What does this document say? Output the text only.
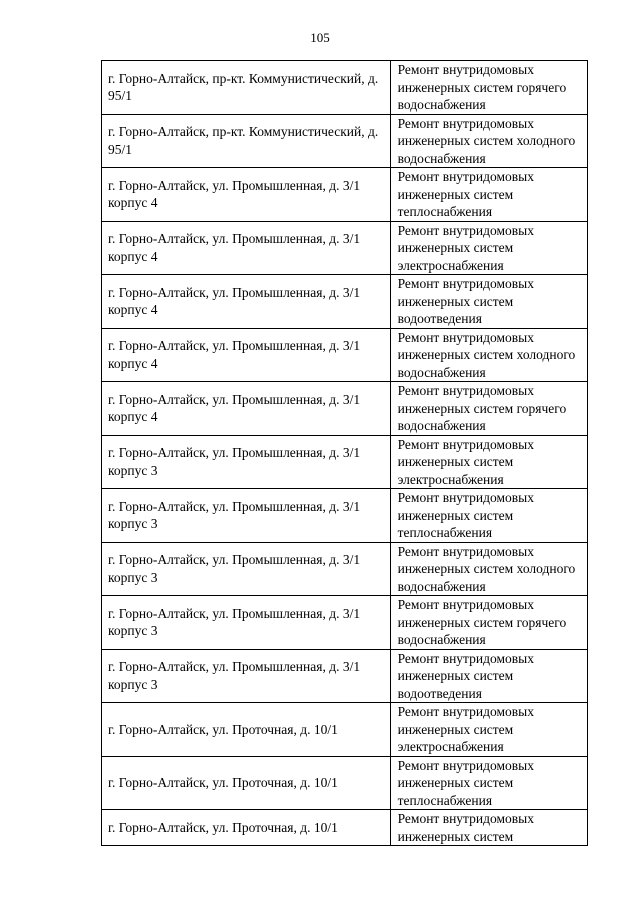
105
г. Горно-Алтайск, пр-кт. Коммунистический, д. 95/1	Ремонт внутридомовых инженерных систем горячего водоснабжения
г. Горно-Алтайск, пр-кт. Коммунистический, д. 95/1	Ремонт внутридомовых инженерных систем холодного водоснабжения
г. Горно-Алтайск, ул. Промышленная, д. 3/1 корпус 4	Ремонт внутридомовых инженерных систем теплоснабжения
г. Горно-Алтайск, ул. Промышленная, д. 3/1 корпус 4	Ремонт внутридомовых инженерных систем электроснабжения
г. Горно-Алтайск, ул. Промышленная, д. 3/1 корпус 4	Ремонт внутридомовых инженерных систем водоотведения
г. Горно-Алтайск, ул. Промышленная, д. 3/1 корпус 4	Ремонт внутридомовых инженерных систем холодного водоснабжения
г. Горно-Алтайск, ул. Промышленная, д. 3/1 корпус 4	Ремонт внутридомовых инженерных систем горячего водоснабжения
г. Горно-Алтайск, ул. Промышленная, д. 3/1 корпус 3	Ремонт внутридомовых инженерных систем электроснабжения
г. Горно-Алтайск, ул. Промышленная, д. 3/1 корпус 3	Ремонт внутридомовых инженерных систем теплоснабжения
г. Горно-Алтайск, ул. Промышленная, д. 3/1 корпус 3	Ремонт внутридомовых инженерных систем холодного водоснабжения
г. Горно-Алтайск, ул. Промышленная, д. 3/1 корпус 3	Ремонт внутридомовых инженерных систем горячего водоснабжения
г. Горно-Алтайск, ул. Промышленная, д. 3/1 корпус 3	Ремонт внутридомовых инженерных систем водоотведения
г. Горно-Алтайск, ул. Проточная, д. 10/1	Ремонт внутридомовых инженерных систем электроснабжения
г. Горно-Алтайск, ул. Проточная, д. 10/1	Ремонт внутридомовых инженерных систем теплоснабжения
г. Горно-Алтайск, ул. Проточная, д. 10/1	Ремонт внутридомовых инженерных систем
